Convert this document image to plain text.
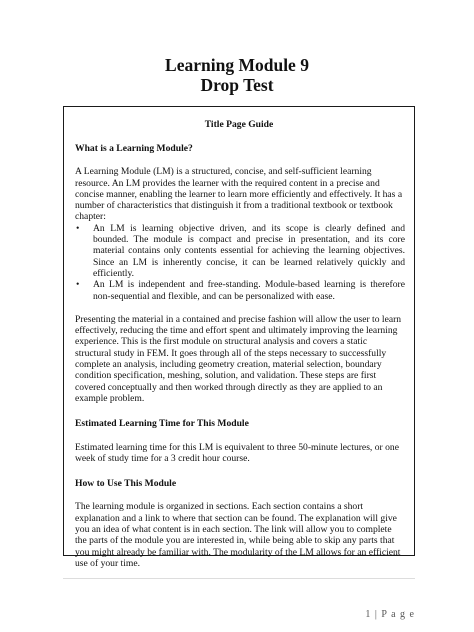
Learning Module 9
Drop Test
Title Page Guide
What is a Learning Module?

A Learning Module (LM) is a structured, concise, and self-sufficient learning resource. An LM provides the learner with the required content in a precise and concise manner, enabling the learner to learn more efficiently and effectively. It has a number of characteristics that distinguish it from a traditional textbook or textbook chapter:

• An LM is learning objective driven, and its scope is clearly defined and bounded. The module is compact and precise in presentation, and its core material contains only contents essential for achieving the learning objectives. Since an LM is inherently concise, it can be learned relatively quickly and efficiently.
• An LM is independent and free-standing. Module-based learning is therefore non-sequential and flexible, and can be personalized with ease.

Presenting the material in a contained and precise fashion will allow the user to learn effectively, reducing the time and effort spent and ultimately improving the learning experience. This is the first module on structural analysis and covers a static structural study in FEM. It goes through all of the steps necessary to successfully complete an analysis, including geometry creation, material selection, boundary condition specification, meshing, solution, and validation. These steps are first covered conceptually and then worked through directly as they are applied to an example problem.

Estimated Learning Time for This Module

Estimated learning time for this LM is equivalent to three 50-minute lectures, or one week of study time for a 3 credit hour course.

How to Use This Module

The learning module is organized in sections. Each section contains a short explanation and a link to where that section can be found. The explanation will give you an idea of what content is in each section. The link will allow you to complete the parts of the module you are interested in, while being able to skip any parts that you might already be familiar with. The modularity of the LM allows for an efficient use of your time.

1 | P a g e
